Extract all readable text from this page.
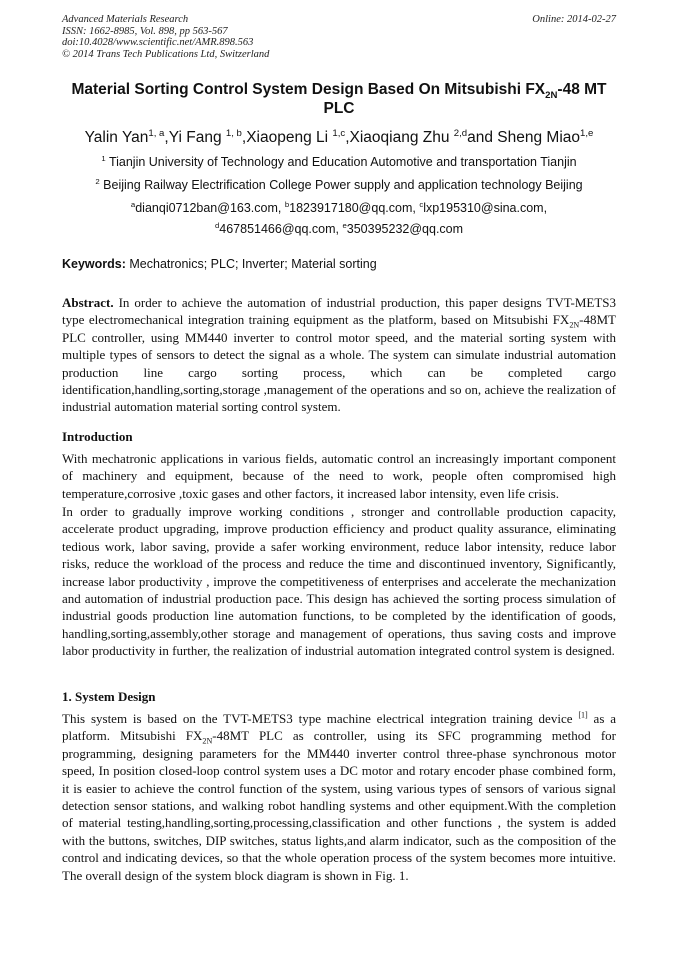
Advanced Materials Research
ISSN: 1662-8985, Vol. 898, pp 563-567
doi:10.4028/www.scientific.net/AMR.898.563
© 2014 Trans Tech Publications Ltd, Switzerland
Online: 2014-02-27
Material Sorting Control System Design Based On Mitsubishi $FX_{2N}-48$ MT PLC
Yalin Yan$^{1, a}$,Yi Fang $^{1, b}$,Xiaopeng Li $^{1,c}$,Xiaoqiang Zhu $^{2,d}$and Sheng Miao$^{1,e}$
$^1$ Tianjin University of Technology and Education Automotive and transportation Tianjin
$^2$ Beijing Railway Electrification College Power supply and application technology Beijing
$^a$dianqi0712ban@163.com, $^b$1823917180@qq.com, $^c$lxp195310@sina.com,
$^d$467851466@qq.com, $^e$350395232@qq.com
Keywords: Mechatronics; PLC; Inverter; Material sorting
Abstract. In order to achieve the automation of industrial production, this paper designs TVT-METS3 type electromechanical integration training equipment as the platform, based on Mitsubishi $FX_{2N}-48MT$ PLC controller, using MM440 inverter to control motor speed, and the material sorting system with multiple types of sensors to detect the signal as a whole. The system can simulate industrial automation production line cargo sorting process, which can be completed cargo identification,handling,sorting,storage ,management of the operations and so on, achieve the realization of industrial automation material sorting control system.
Introduction
With mechatronic applications in various fields, automatic control an increasingly important component of machinery and equipment, because of the need to work, people often compromised high temperature,corrosive ,toxic gases and other factors, it increased labor intensity, even life crisis.
In order to gradually improve working conditions , stronger and controllable production capacity, accelerate product upgrading, improve production efficiency and product quality assurance, eliminating tedious work, labor saving, provide a safer working environment, reduce labor intensity, reduce labor risks, reduce the workload of the process and reduce the time and discontinued inventory, Significantly, increase labor productivity , improve the competitiveness of enterprises and accelerate the mechanization and automation of industrial production pace. This design has achieved the sorting process simulation of industrial goods production line automation functions, to be completed by the identification of goods, handling,sorting,assembly,other storage and management of operations, thus saving costs and improve labor productivity in further, the realization of industrial automation integrated control system is designed.
1. System Design
This system is based on the TVT-METS3 type machine electrical integration training device [1] as a platform. Mitsubishi $FX_{2N}-48MT$ PLC as controller, using its SFC programming method for programming, designing parameters for the MM440 inverter control three-phase synchronous motor speed, In position closed-loop control system uses a DC motor and rotary encoder phase combined form, it is easier to achieve the control function of the system, using various types of sensors of various signal detection sensor stations, and walking robot handling systems and other equipment.With the completion of material testing,handling,sorting,processing,classification and other functions , the system is added with the buttons, switches, DIP switches, status lights,and alarm indicator, such as the composition of the control and indicating devices, so that the whole operation process of the system becomes more intuitive. The overall design of the system block diagram is shown in Fig. 1.
